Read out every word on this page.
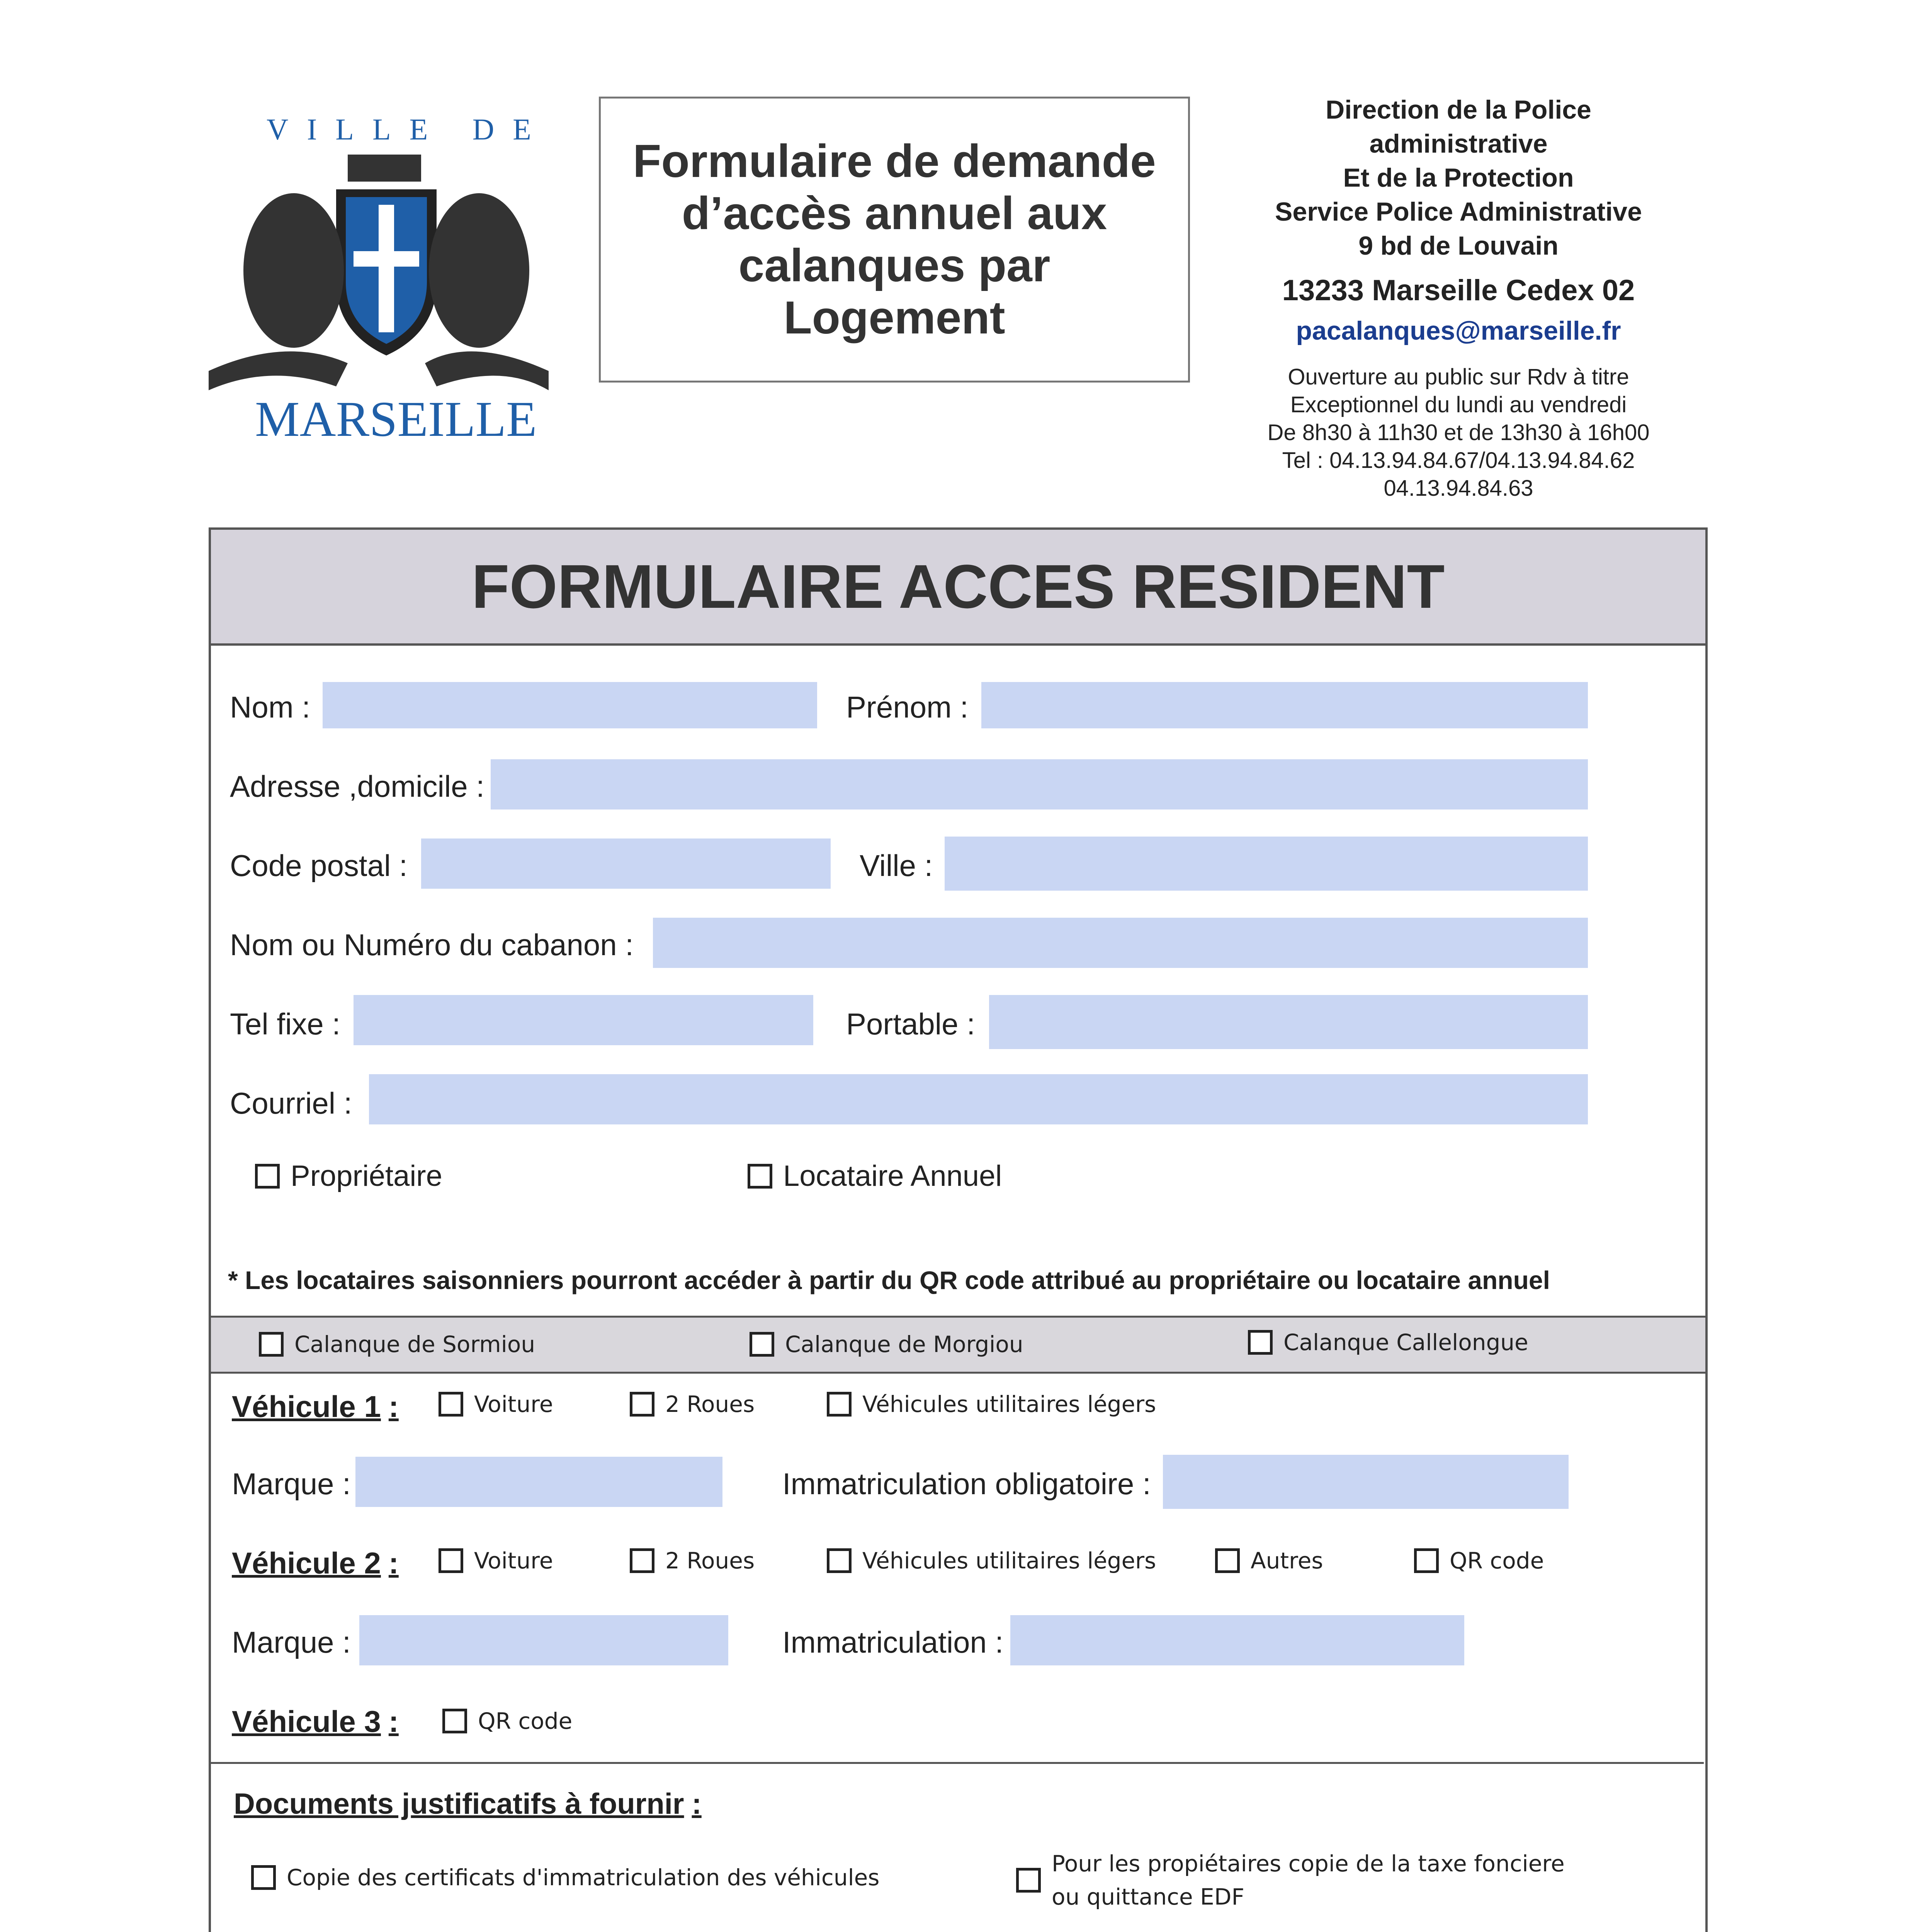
VILLE DE
MARSEILLE
Formulaire de demande d’accès annuel aux calanques par Logement
Direction de la Police
administrative
Et de la Protection
Service Police Administrative
9 bd de Louvain
13233 Marseille Cedex 02
pacalanques@marseille.fr
Ouverture au public sur Rdv à titre
Exceptionnel du lundi au vendredi
De 8h30 à 11h30 et de 13h30 à 16h00
Tel : 04.13.94.84.67/04.13.94.84.62
04.13.94.84.63
FORMULAIRE ACCES RESIDENT
Nom :	Prénom :
Adresse ,domicile :
Code postal :	Ville :
Nom ou Numéro du cabanon :
Tel fixe :	Portable :
Courriel :
Propriétaire	Locataire Annuel
* Les locataires saisonniers pourront accéder à partir du QR code attribué au propriétaire ou locataire annuel
Calanque de Sormiou	Calanque de Morgiou	Calanque Callelongue
Véhicule 1 :	Voiture	2 Roues	Véhicules utilitaires légers
Marque :	Immatriculation obligatoire :
Véhicule 2 :	Voiture	2 Roues	Véhicules utilitaires légers	Autres	QR code
Marque :	Immatriculation :
Véhicule 3 :	QR code
Documents justificatifs à fournir :
Copie des certificats d'immatriculation des véhicules
Pour les propiétaires copie de la taxe fonciere ou quittance EDF
